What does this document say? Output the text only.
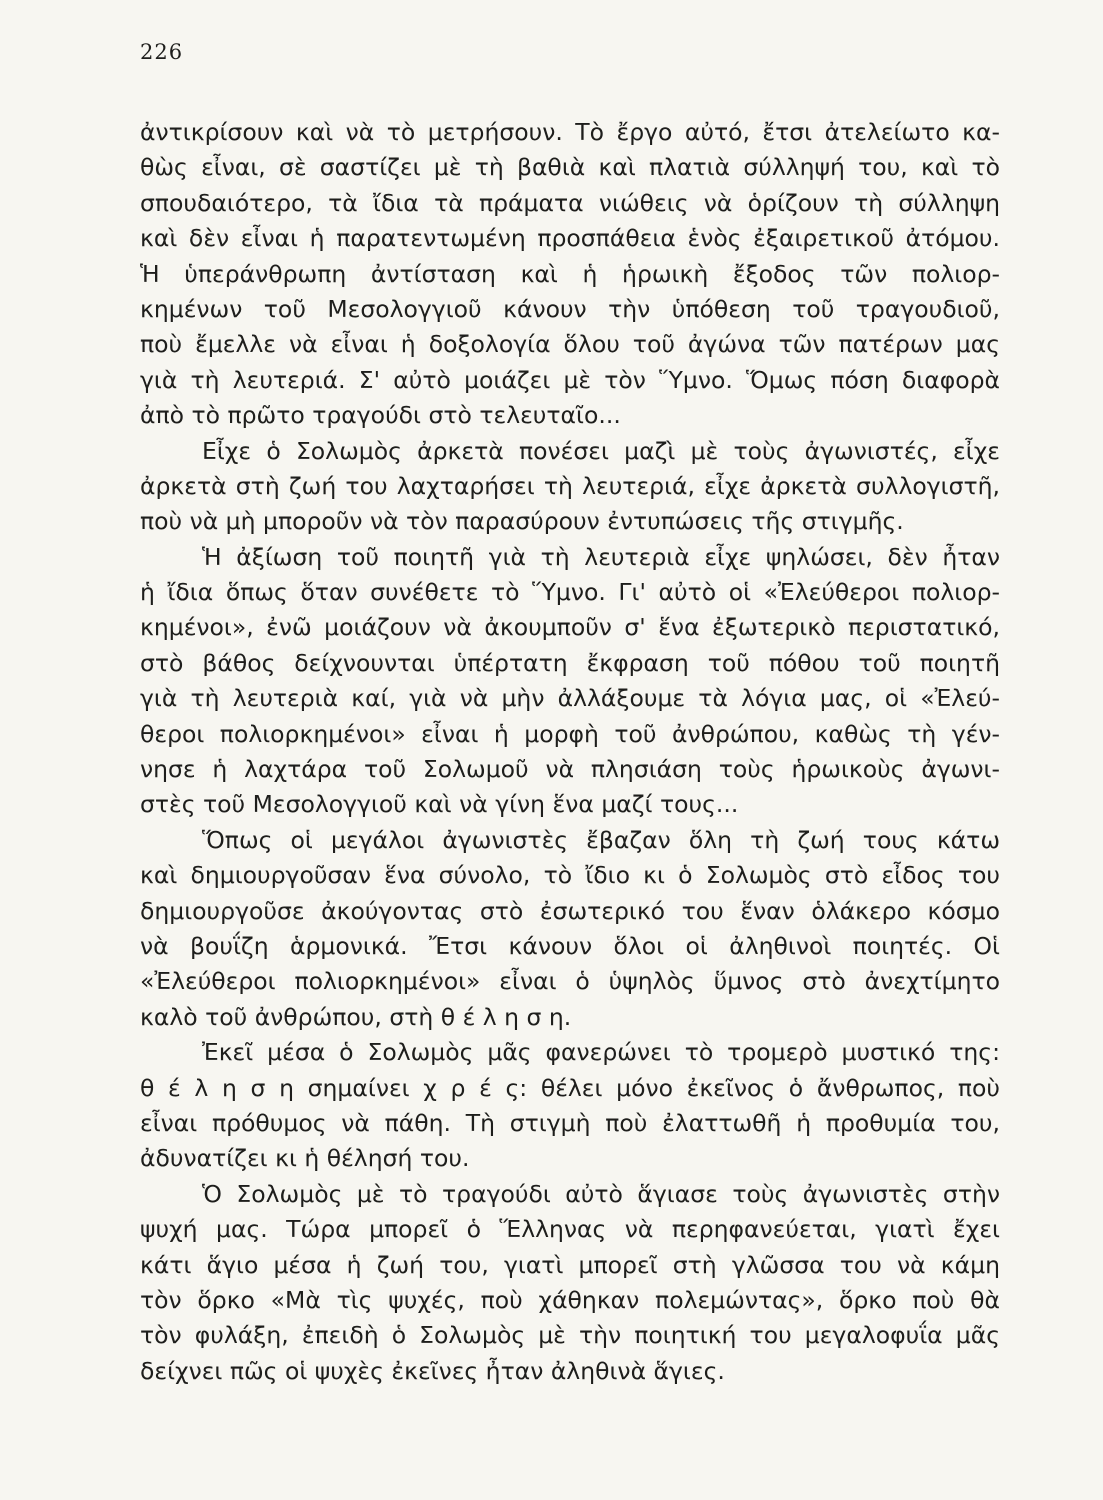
226
ἀντικρίσουν καὶ νὰ τὸ μετρήσουν. Τὸ ἔργο αὐτό, ἔτσι ἀτελείωτο κα-
θὼς εἶναι, σὲ σαστίζει μὲ τὴ βαθιὰ καὶ πλατιὰ σύλληψή του, καὶ τὸ
σπουδαιότερο, τὰ ἴδια τὰ πράματα νιώθεις νὰ ὁρίζουν τὴ σύλληψη
καὶ δὲν εἶναι ἡ παρατεντωμένη προσπάθεια ἑνὸς ἐξαιρετικοῦ ἀτόμου.
Ἡ ὑπεράνθρωπη ἀντίσταση καὶ ἡ ἡρωικὴ ἔξοδος τῶν πολιορ-
κημένων τοῦ Μεσολογγιοῦ κάνουν τὴν ὑπόθεση τοῦ τραγουδιοῦ,
ποὺ ἔμελλε νὰ εἶναι ἡ δοξολογία ὅλου τοῦ ἀγώνα τῶν πατέρων μας
γιὰ τὴ λευτεριά. Σ' αὐτὸ μοιάζει μὲ τὸν Ὕμνο. Ὅμως πόση διαφορὰ
ἀπὸ τὸ πρῶτο τραγούδι στὸ τελευταῖο...
Εἶχε ὁ Σολωμὸς ἀρκετὰ πονέσει μαζὶ μὲ τοὺς ἀγωνιστές, εἶχε
ἀρκετὰ στὴ ζωή του λαχταρήσει τὴ λευτεριά, εἶχε ἀρκετὰ συλλογιστῆ,
ποὺ νὰ μὴ μποροῦν νὰ τὸν παρασύρουν ἐντυπώσεις τῆς στιγμῆς.
Ἡ ἀξίωση τοῦ ποιητῆ γιὰ τὴ λευτεριὰ εἶχε ψηλώσει, δὲν ἦταν
ἡ ἴδια ὅπως ὅταν συνέθετε τὸ Ὕμνο. Γι' αὐτὸ οἱ «Ἐλεύθεροι πολιορ-
κημένοι», ἐνῶ μοιάζουν νὰ ἀκουμποῦν σ' ἕνα ἐξωτερικὸ περιστατικό,
στὸ βάθος δείχνουνται ὑπέρτατη ἔκφραση τοῦ πόθου τοῦ ποιητῆ
γιὰ τὴ λευτεριὰ καί, γιὰ νὰ μὴν ἀλλάξουμε τὰ λόγια μας, οἱ «Ἐλεύ-
θεροι πολιορκημένοι» εἶναι ἡ μορφὴ τοῦ ἀνθρώπου, καθὼς τὴ γέν-
νησε ἡ λαχτάρα τοῦ Σολωμοῦ νὰ πλησιάση τοὺς ἡρωικοὺς ἀγωνι-
στὲς τοῦ Μεσολογγιοῦ καὶ νὰ γίνη ἕνα μαζί τους...
Ὅπως οἱ μεγάλοι ἀγωνιστὲς ἔβαζαν ὅλη τὴ ζωή τους κάτω
καὶ δημιουργοῦσαν ἕνα σύνολο, τὸ ἴδιο κι ὁ Σολωμὸς στὸ εἶδος του
δημιουργοῦσε ἀκούγοντας στὸ ἐσωτερικό του ἕναν ὁλάκερο κόσμο
νὰ βουΐζη ἁρμονικά. Ἔτσι κάνουν ὅλοι οἱ ἀληθινοὶ ποιητές. Οἱ
«Ἐλεύθεροι πολιορκημένοι» εἶναι ὁ ὑψηλὸς ὕμνος στὸ ἀνεχτίμητο
καλὸ τοῦ ἀνθρώπου, στὴ θ έ λ η σ η.
Ἐκεῖ μέσα ὁ Σολωμὸς μᾶς φανερώνει τὸ τρομερὸ μυστικό της:
θ έ λ η σ η σημαίνει χ ρ έ ς: θέλει μόνο ἐκεῖνος ὁ ἄνθρωπος, ποὺ
εἶναι πρόθυμος νὰ πάθη. Τὴ στιγμὴ ποὺ ἐλαττωθῆ ἡ προθυμία του,
ἀδυνατίζει κι ἡ θέλησή του.
Ὁ Σολωμὸς μὲ τὸ τραγούδι αὐτὸ ἅγιασε τοὺς ἀγωνιστὲς στὴν
ψυχή μας. Τώρα μπορεῖ ὁ Ἕλληνας νὰ περηφανεύεται, γιατὶ ἔχει
κάτι ἅγιο μέσα ἡ ζωή του, γιατὶ μπορεῖ στὴ γλῶσσα του νὰ κάμη
τὸν ὅρκο «Μὰ τὶς ψυχές, ποὺ χάθηκαν πολεμώντας», ὅρκο ποὺ θὰ
τὸν φυλάξη, ἐπειδὴ ὁ Σολωμὸς μὲ τὴν ποιητική του μεγαλοφυΐα μᾶς
δείχνει πῶς οἱ ψυχὲς ἐκεῖνες ἦταν ἀληθινὰ ἅγιες.
